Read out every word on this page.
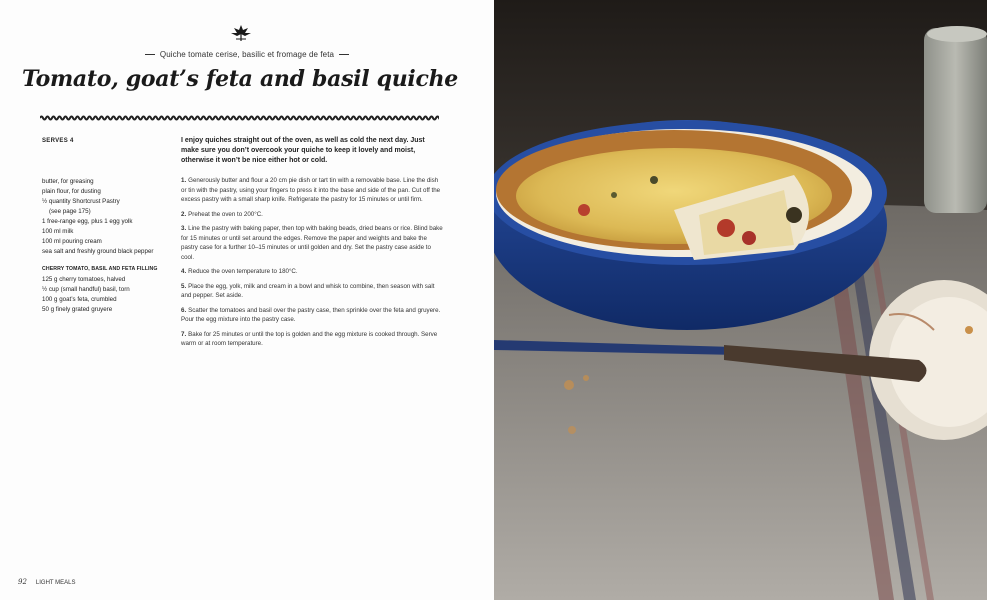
Quiche tomate cerise, basilic et fromage de feta
Tomato, goat’s feta and basil quiche
SERVES 4	I enjoy quiches straight out of the oven, as well as cold the next day. Just make sure you don’t overcook your quiche to keep it lovely and moist, otherwise it won’t be nice either hot or cold.
butter, for greasing
plain flour, for dusting
½ quantity Shortcrust Pastry
(see page 175)
1 free-range egg, plus 1 egg yolk
100 ml milk
100 ml pouring cream
sea salt and freshly ground black pepper
CHERRY TOMATO, BASIL AND FETA FILLING
125 g cherry tomatoes, halved
½ cup (small handful) basil, torn
100 g goat’s feta, crumbled
50 g finely grated gruyere

1. Generously butter and flour a 20 cm pie dish or tart tin with a removable base. Line the dish or tin with the pastry, using your fingers to press it into the base and side of the pan. Cut off the excess pastry with a small sharp knife. Refrigerate the pastry for 15 minutes or until firm.

2. Preheat the oven to 200°C.

3. Line the pastry with baking paper, then top with baking beads, dried beans or rice. Blind bake for 15 minutes or until set around the edges. Remove the paper and weights and bake the pastry case for a further 10–15 minutes or until golden and dry. Set the pastry case aside to cool.

4. Reduce the oven temperature to 180°C.

5. Place the egg, yolk, milk and cream in a bowl and whisk to combine, then season with salt and pepper. Set aside.

6. Scatter the tomatoes and basil over the pastry case, then sprinkle over the feta and gruyere. Pour the egg mixture into the pastry case.

7. Bake for 25 minutes or until the top is golden and the egg mixture is cooked through. Serve warm or at room temperature.

92 LIGHT MEALS
